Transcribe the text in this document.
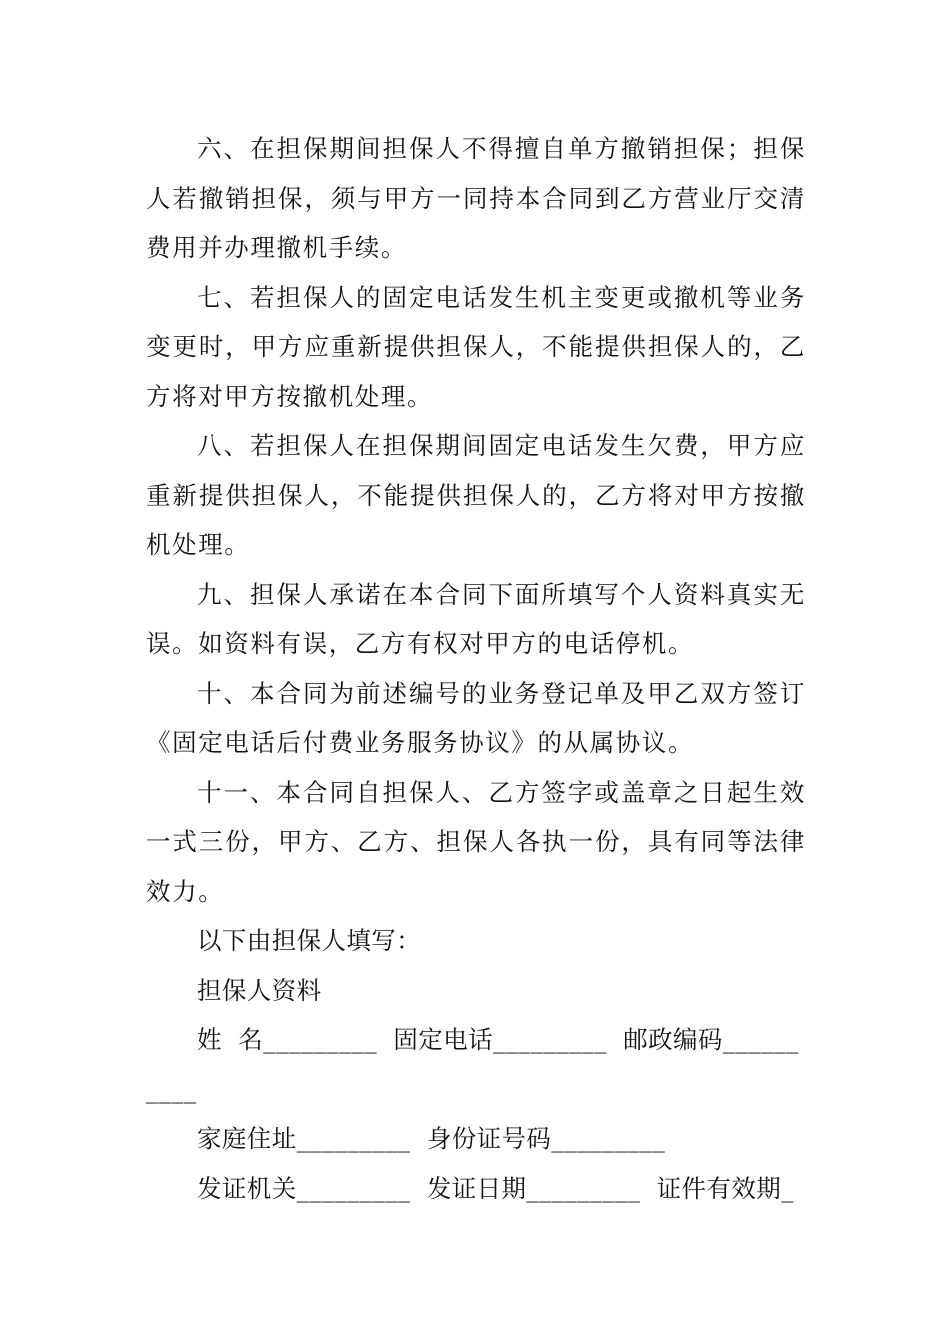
六、在担保期间担保人不得擅自单方撤销担保；担保人若撤销担保，须与甲方一同持本合同到乙方营业厅交清费用并办理撤机手续。

七、若担保人的固定电话发生机主变更或撤机等业务变更时，甲方应重新提供担保人，不能提供担保人的，乙方将对甲方按撤机处理。

八、若担保人在担保期间固定电话发生欠费，甲方应重新提供担保人，不能提供担保人的，乙方将对甲方按撤机处理。

九、担保人承诺在本合同下面所填写个人资料真实无误。如资料有误，乙方有权对甲方的电话停机。

十、本合同为前述编号的业务登记单及甲乙双方签订《固定电话后付费业务服务协议》的从属协议。

十一、本合同自担保人、乙方签字或盖章之日起生效一式三份，甲方、乙方、担保人各执一份，具有同等法律效力。

以下由担保人填写：

担保人资料

姓  名_________  固定电话_________  邮政编码__________

家庭住址_________  身份证号码_________

发证机关_________  发证日期_________  证件有效期_
